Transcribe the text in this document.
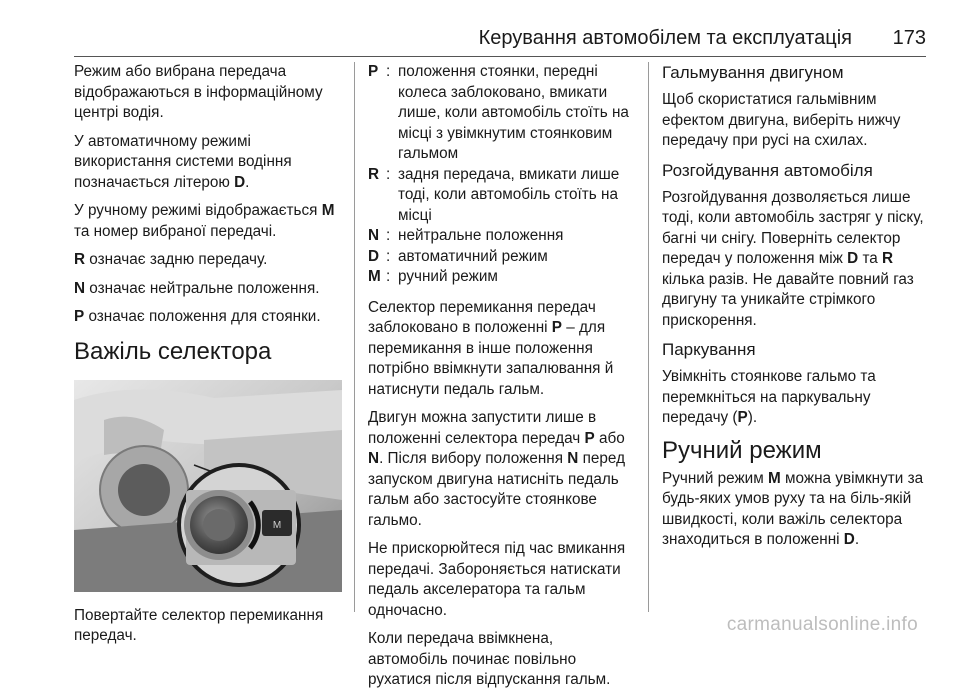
Керування автомобілем та експлуатація 173

Режим або вибрана передача відображаються в інформаційному центрі водія.

У автоматичному режимі використання системи водіння позначається літерою D.

У ручному режимі відображається M та номер вибраної передачі.

R означає задню передачу.

N означає нейтральне положення.

P означає положення для стоянки.

Важіль селектора
M

Повертайте селектор перемикання передач.

P : положення стоянки, передні колеса заблоковано, вмикати лише, коли автомобіль стоїть на місці з увімкнутим стоянковим гальмом
R : задня передача, вмикати лише тоді, коли автомобіль стоїть на місці
N : нейтральне положення
D : автоматичний режим
M : ручний режим

Селектор перемикання передач заблоковано в положенні P – для перемикання в інше положення потрібно ввімкнути запалювання й натиснути педаль гальм.

Двигун можна запустити лише в положенні селектора передач P або N. Після вибору положення N перед запуском двигуна натисніть педаль гальм або застосуйте стоянкове гальмо.

Не прискорюйтеся під час вмикання передачі. Забороняється натискати педаль акселератора та гальм одночасно.

Коли передача ввімкнена, автомобіль починає повільно рухатися після відпускання гальм.

Гальмування двигуном

Щоб скористатися гальмівним ефектом двигуна, виберіть нижчу передачу при русі на схилах.

Розгойдування автомобіля

Розгойдування дозволяється лише тоді, коли автомобіль застряг у піску, багні чи снігу. Поверніть селектор передач у положення між D та R кілька разів. Не давайте повний газ двигуну та уникайте стрімкого прискорення.

Паркування

Увімкніть стоянкове гальмо та перемкніться на паркувальну передачу (P).

Ручний режим

Ручний режим M можна увімкнути за будь-яких умов руху та на біль-якій швидкості, коли важіль селектора знаходиться в положенні D.

carmanualsonline.info
